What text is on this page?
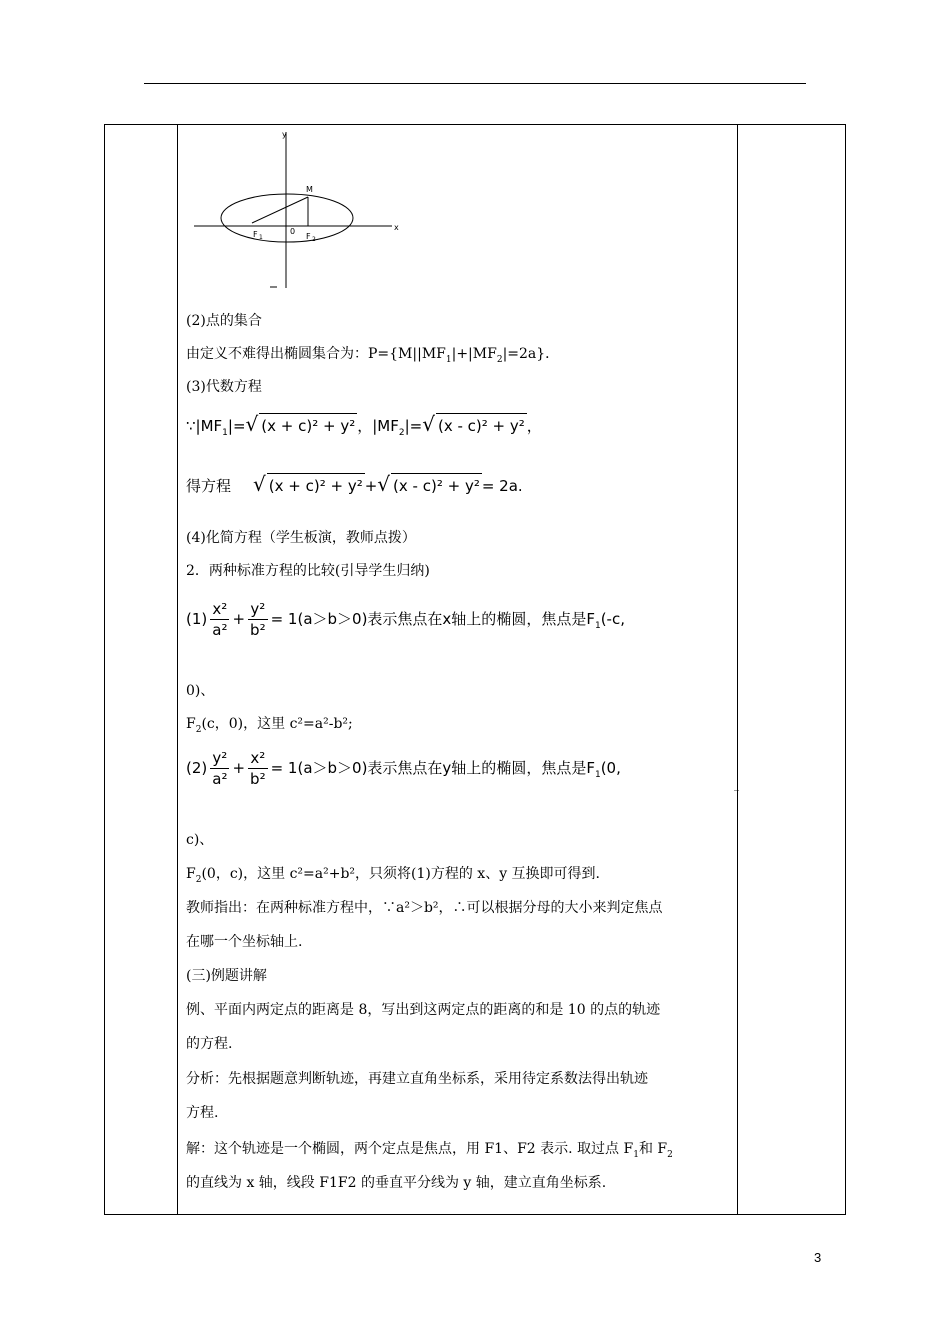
y
x
M
F 1
0
F 2
(2)点的集合
由定义不难得出椭圆集合为：$P=\{M||MF_1|+|MF_2|=2a\}$．
(3)代数方程
$\because|MF_1|=√$ (x + c)² + y² ，$|MF_2|=√$ (x - c)² + y² ，
得方程 √ (x + c)² + y² +√ (x - c)² + y² = 2a.
(4)化简方程（学生板演，教师点拨）
2．两种标准方程的比较(引导学生归纳)
$(1) \frac{\text{x²}}{\text{a²}} + \frac{\text{y²}}{\text{b²}} = 1(a>b>0)$表示焦点在x轴上的椭圆，焦点是$F_1(-c$,
0)、
$F_2(c$，0)，这里 c²=a²-b²;
$(2) \frac{\text{y²}}{\text{a²}} + \frac{\text{x²}}{\text{b²}} = 1(a>b>0)$表示焦点在y轴上的椭圆，焦点是$F_1(0$,
c)、
$F_2(0$，c)，这里 c²=a²+b²，只须将(1)方程的 x、y 互换即可得到.
教师指出：在两种标准方程中，∵a²＞b²，∴可以根据分母的大小来判定焦点
在哪一个坐标轴上.
(三)例题讲解
例、平面内两定点的距离是 8，写出到这两定点的距离的和是 10 的点的轨迹
的方程.
分析：先根据题意判断轨迹，再建立直角坐标系，采用待定系数法得出轨迹
方程.
解：这个轨迹是一个椭圆，两个定点是焦点，用 F1、F2 表示. 取过点 $F_1$和 $F_2$
的直线为 x 轴，线段 F1F2 的垂直平分线为 y 轴，建立直角坐标系.
_
3
